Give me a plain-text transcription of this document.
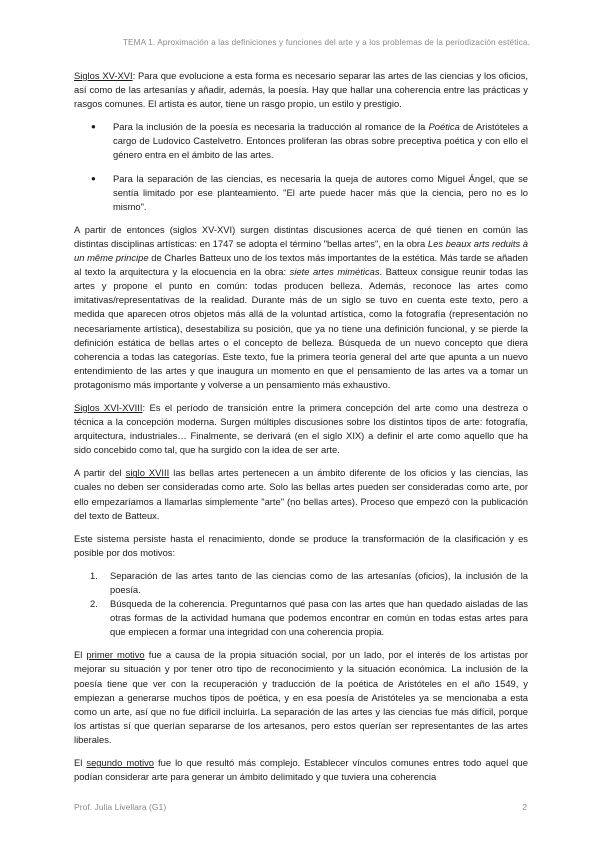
TEMA 1. Aproximación a las definiciones y funciones del arte y a los problemas de la periodización estética.

Siglos XV-XVI: Para que evolucione a esta forma es necesario separar las artes de las ciencias y los oficios, así como de las artesanías y añadir, además, la poesía. Hay que hallar una coherencia entre las prácticas y rasgos comunes. El artista es autor, tiene un rasgo propio, un estilo y prestigio.

● Para la inclusión de la poesía es necesaria la traducción al romance de la Poética de Aristóteles a cargo de Ludovico Castelvetro. Entonces proliferan las obras sobre preceptiva poética y con ello el género entra en el ámbito de las artes.
● Para la separación de las ciencias, es necesaria la queja de autores como Miguel Ángel, que se sentía limitado por ese planteamiento. "El arte puede hacer más que la ciencia, pero no es lo mismo".

A partir de entonces (siglos XV-XVI) surgen distintas discusiones acerca de qué tienen en común las distintas disciplinas artísticas: en 1747 se adopta el término "bellas artes", en la obra Les beaux arts reduits à un même principe de Charles Batteux uno de los textos más importantes de la estética. Más tarde se añaden al texto la arquitectura y la elocuencia en la obra: siete artes miméticas. Batteux consigue reunir todas las artes y propone el punto en común: todas producen belleza. Además, reconoce las artes como imitativas/representativas de la realidad. Durante más de un siglo se tuvo en cuenta este texto, pero a medida que aparecen otros objetos más allá de la voluntad artística, como la fotografía (representación no necesariamente artística), desestabiliza su posición, que ya no tiene una definición funcional, y se pierde la definición estática de bellas artes o el concepto de belleza. Búsqueda de un nuevo concepto que diera coherencia a todas las categorías. Este texto, fue la primera teoría general del arte que apunta a un nuevo entendimiento de las artes y que inaugura un momento en que el pensamiento de las artes va a tomar un protagonismo más importante y volverse a un pensamiento más exhaustivo.

Siglos XVI-XVIII: Es el período de transición entre la primera concepción del arte como una destreza o técnica a la concepción moderna. Surgen múltiples discusiones sobre los distintos tipos de arte: fotografía, arquitectura, industriales… Finalmente, se derivará (en el siglo XIX) a definir el arte como aquello que ha sido concebido como tal, que ha surgido con la idea de ser arte.

A partir del siglo XVIII las bellas artes pertenecen a un ámbito diferente de los oficios y las ciencias, las cuales no deben ser consideradas como arte. Solo las bellas artes pueden ser consideradas como arte, por ello empezaríamos a llamarlas simplemente "arte" (no bellas artes). Proceso que empezó con la publicación del texto de Batteux.

Este sistema persiste hasta el renacimiento, donde se produce la transformación de la clasificación y es posible por dos motivos:

1. Separación de las artes tanto de las ciencias como de las artesanías (oficios), la inclusión de la poesía.
2. Búsqueda de la coherencia. Preguntarnos qué pasa con las artes que han quedado aisladas de las otras formas de la actividad humana que podemos encontrar en común en todas estas artes para que empiecen a formar una integridad con una coherencia propia.

El primer motivo fue a causa de la propia situación social, por un lado, por el interés de los artistas por mejorar su situación y por tener otro tipo de reconocimiento y la situación económica. La inclusión de la poesía tiene que ver con la recuperación y traducción de la poética de Aristóteles en el año 1549, y empiezan a generarse muchos tipos de poética, y en esa poesía de Aristóteles ya se mencionaba a esta como un arte, así que no fue difícil incluirla. La separación de las artes y las ciencias fue más difícil, porque los artistas sí que querían separarse de los artesanos, pero estos querían ser representantes de las artes liberales.

El segundo motivo fue lo que resultó más complejo. Establecer vínculos comunes entres todo aquel que podían considerar arte para generar un ámbito delimitado y que tuviera una coherencia

Prof. Julia Livellara (G1)	2
